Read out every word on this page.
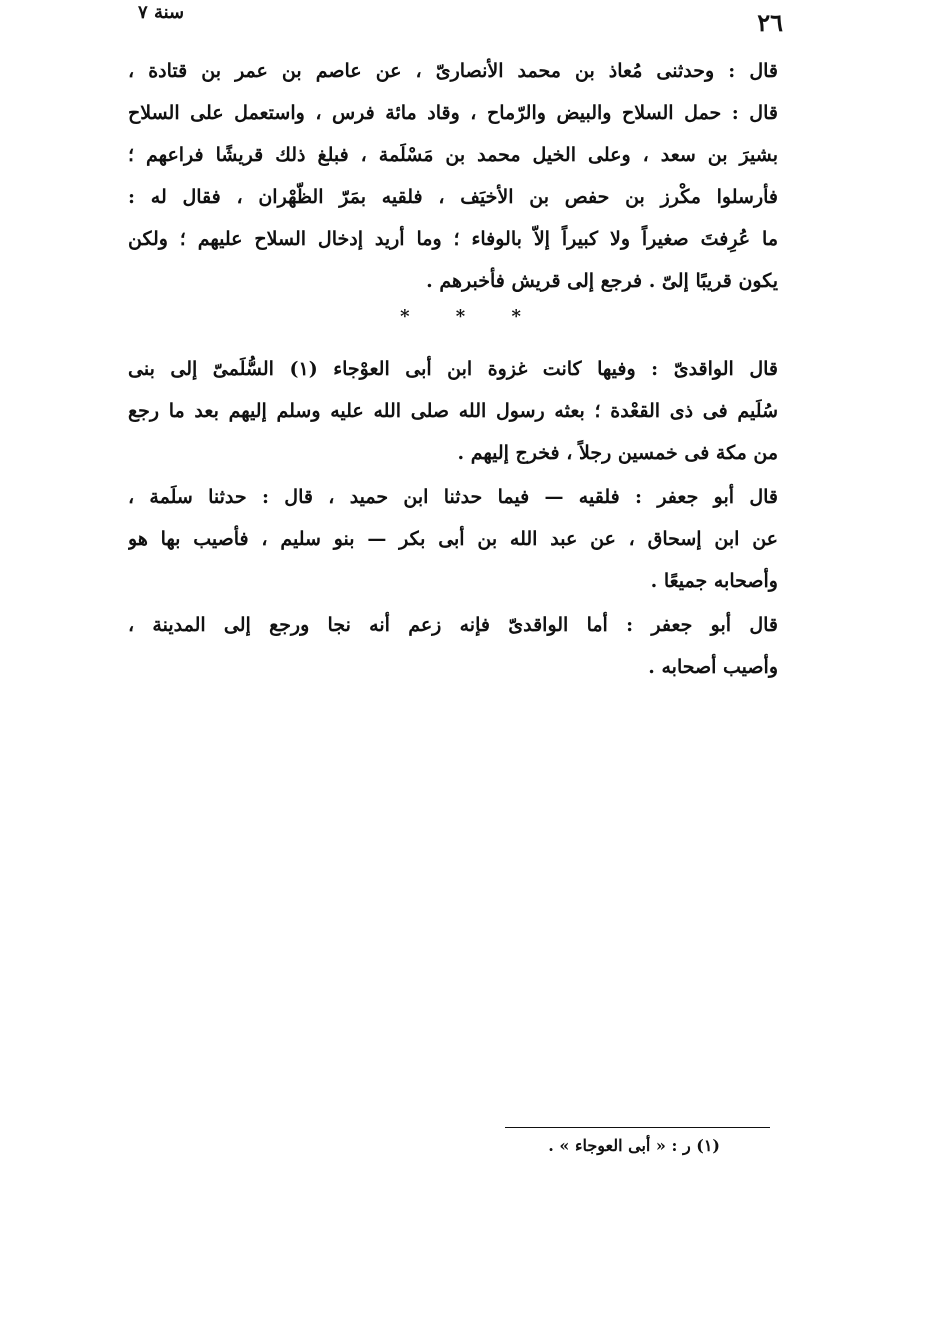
٢٦
سنة ٧
قال : وحدثنى مُعاذ بن محمد الأنصارىّ ، عن عاصم بن عمر بن قتادة ،
قال : حمل السلاح والبيض والرّماح ، وقاد مائة فرس ، واستعمل على السلاح
بشيرَ بن سعد ، وعلى الخيل محمد بن مَسْلَمة ، فبلغ ذلك قريشًا فراعهم ؛
فأرسلوا مكْرز بن حفص بن الأخيَف ، فلقيه بمَرّ الظّهْران ، فقال له :
ما عُرِفتَ صغيراً ولا كبيراً إلاّ بالوفاء ؛ وما أريد إدخال السلاح عليهم ؛ ولكن
يكون قريبًا إلىّ . فرجع إلى قريش فأخبرهم .
* * *
قال الواقدىّ : وفيها كانت غزوة ابن أبى العوْجاء (١) السُّلَمىّ إلى بنى
سُلَيم فى ذى القعْدة ؛ بعثه رسول الله صلى الله عليه وسلم إليهم بعد ما رجع
من مكة فى خمسين رجلاً ، فخرج إليهم .
قال أبو جعفر : فلقيه — فيما حدثنا ابن حميد ، قال : حدثنا سلَمة ،
عن ابن إسحاق ، عن عبد الله بن أبى بكر — بنو سليم ، فأصيب بها هو
وأصحابه جميعًا .
قال أبو جعفر : أما الواقدىّ فإنه زعم أنه نجا ورجع إلى المدينة ،
وأصيب أصحابه .
(١) ر : « أبى العوجاء » .
